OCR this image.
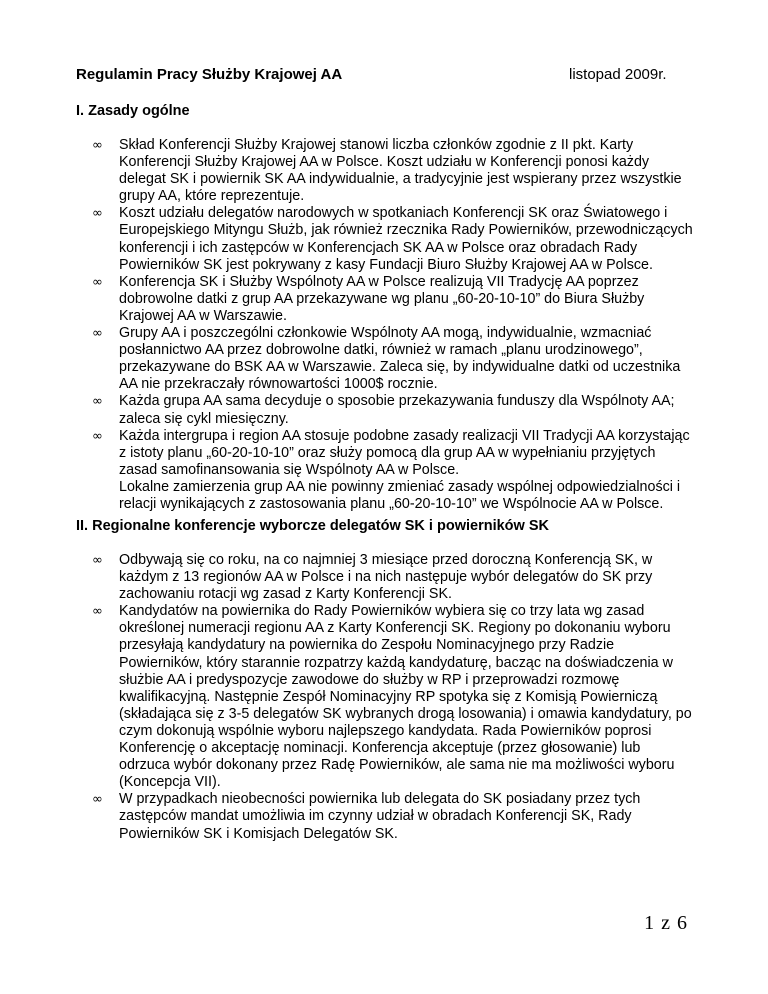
Regulamin Pracy Służby Krajowej AA	listopad 2009r.
I. Zasady ogólne
∞ Skład Konferencji Służby Krajowej stanowi liczba członków zgodnie z II pkt. Karty Konferencji Służby Krajowej AA w Polsce. Koszt udziału w Konferencji ponosi każdy delegat SK i powiernik SK AA indywidualnie, a tradycyjnie jest wspierany przez wszystkie grupy AA, które reprezentuje.
∞ Koszt udziału delegatów narodowych w spotkaniach Konferencji SK oraz Światowego i Europejskiego Mityngu Służb, jak również rzecznika Rady Powierników, przewodniczących konferencji i ich zastępców w Konferencjach SK AA w Polsce oraz obradach Rady Powierników SK jest pokrywany z kasy Fundacji Biuro Służby Krajowej AA w Polsce.
∞ Konferencja SK i Służby Wspólnoty AA w Polsce realizują VII Tradycję AA poprzez dobrowolne datki z grup AA przekazywane wg planu „60-20-10-10” do Biura Służby Krajowej AA w Warszawie.
∞ Grupy AA i poszczególni członkowie Wspólnoty AA mogą, indywidualnie, wzmacniać posłannictwo AA przez dobrowolne datki, również w ramach „planu urodzinowego”, przekazywane do BSK AA w Warszawie. Zaleca się, by indywidualne datki od uczestnika AA nie przekraczały równowartości 1000$ rocznie.
∞ Każda grupa AA sama decyduje o sposobie przekazywania funduszy dla Wspólnoty AA; zaleca się cykl miesięczny.
∞ Każda intergrupa i region AA stosuje podobne zasady realizacji VII Tradycji AA korzystając z istoty planu „60-20-10-10” oraz służy pomocą dla grup AA w wypełnianiu przyjętych zasad samofinansowania się Wspólnoty AA w Polsce.
Lokalne zamierzenia grup AA nie powinny zmieniać zasady wspólnej odpowiedzialności i relacji wynikających z zastosowania planu „60-20-10-10” we Wspólnocie AA w Polsce.
II. Regionalne konferencje wyborcze delegatów SK i powierników SK
∞ Odbywają się co roku, na co najmniej 3 miesiące przed doroczną Konferencją SK, w każdym z 13 regionów AA w Polsce i na nich następuje wybór delegatów do SK przy zachowaniu rotacji wg zasad z Karty Konferencji SK.
∞ Kandydatów na powiernika do Rady Powierników wybiera się co trzy lata wg zasad określonej numeracji regionu AA z Karty Konferencji SK. Regiony po dokonaniu wyboru przesyłają kandydatury na powiernika do Zespołu Nominacyjnego przy Radzie Powierników, który starannie rozpatrzy każdą kandydaturę, bacząc na doświadczenia w służbie AA i predyspozycje zawodowe do służby w RP i przeprowadzi rozmowę kwalifikacyjną. Następnie Zespół Nominacyjny RP spotyka się z Komisją Powierniczą (składająca się z 3-5 delegatów SK wybranych drogą losowania) i omawia kandydatury, po czym dokonują wspólnie wyboru najlepszego kandydata. Rada Powierników poprosi Konferencję o akceptację nominacji. Konferencja akceptuje (przez głosowanie) lub odrzuca wybór dokonany przez Radę Powierników, ale sama nie ma możliwości wyboru (Koncepcja VII).
∞ W przypadkach nieobecności powiernika lub delegata do SK posiadany przez tych zastępców mandat umożliwia im czynny udział w obradach Konferencji SK, Rady Powierników SK i Komisjach Delegatów SK.
1 z 6
